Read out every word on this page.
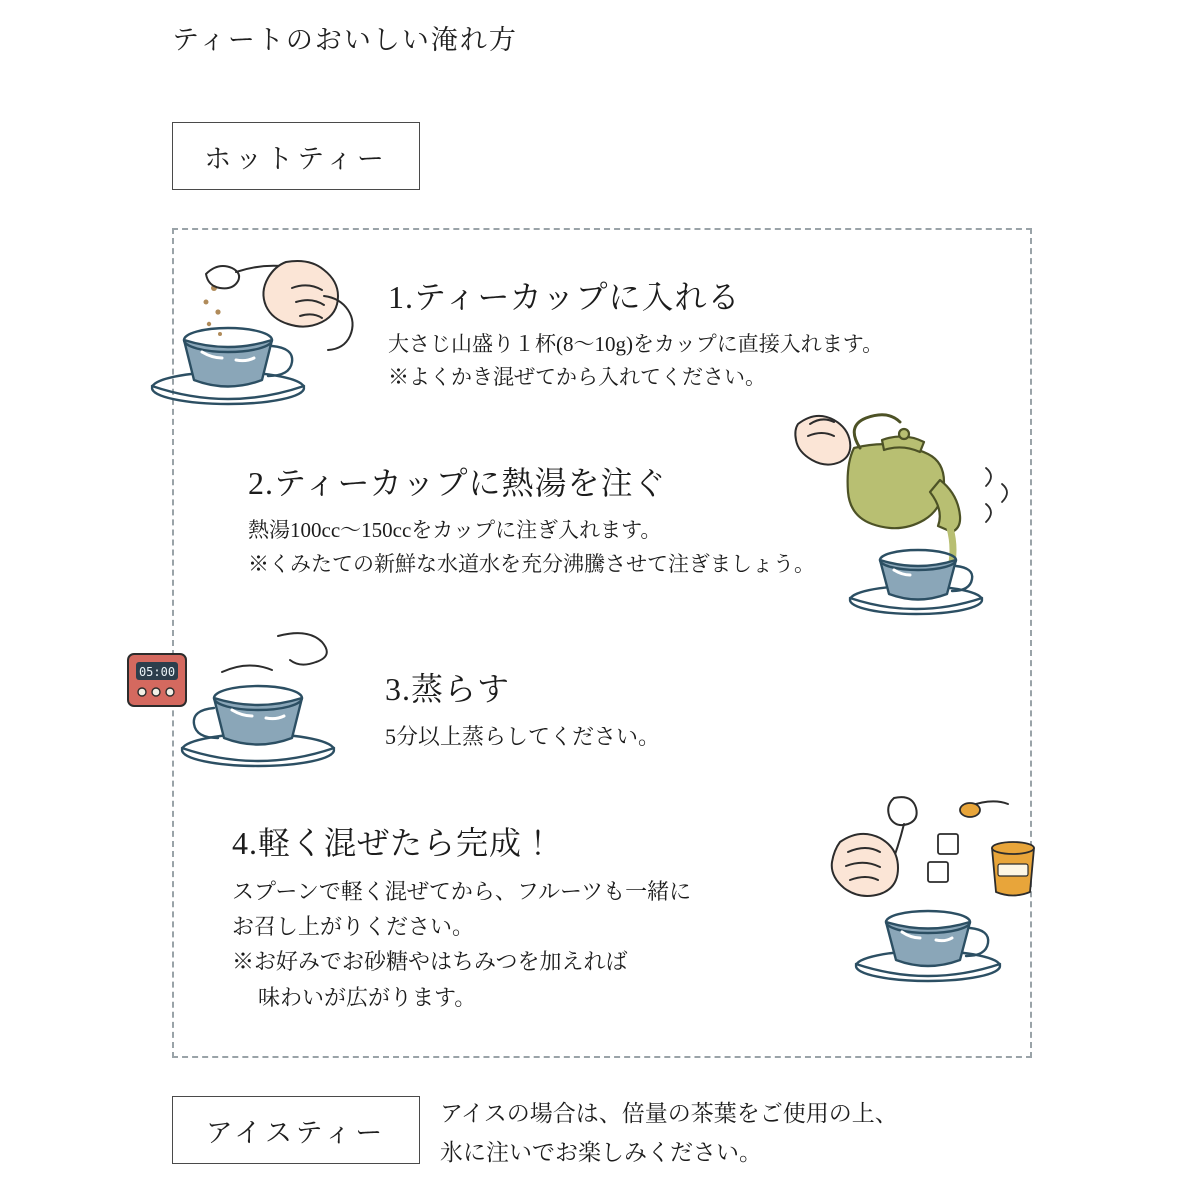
ティートのおいしい淹れ方
ホットティー
05:00
1.ティーカップに入れる
大さじ山盛り１杯(8〜10g)をカップに直接入れます。
※よくかき混ぜてから入れてください。
2.ティーカップに熱湯を注ぐ
熱湯100cc〜150ccをカップに注ぎ入れます。
※くみたての新鮮な水道水を充分沸騰させて注ぎましょう。
3.蒸らす
5分以上蒸らしてください。
4.軽く混ぜたら完成！
スプーンで軽く混ぜてから、フルーツも一緒に
お召し上がりください。
※お好みでお砂糖やはちみつを加えれば
味わいが広がります。
アイスティー
アイスの場合は、倍量の茶葉をご使用の上、
氷に注いでお楽しみください。
